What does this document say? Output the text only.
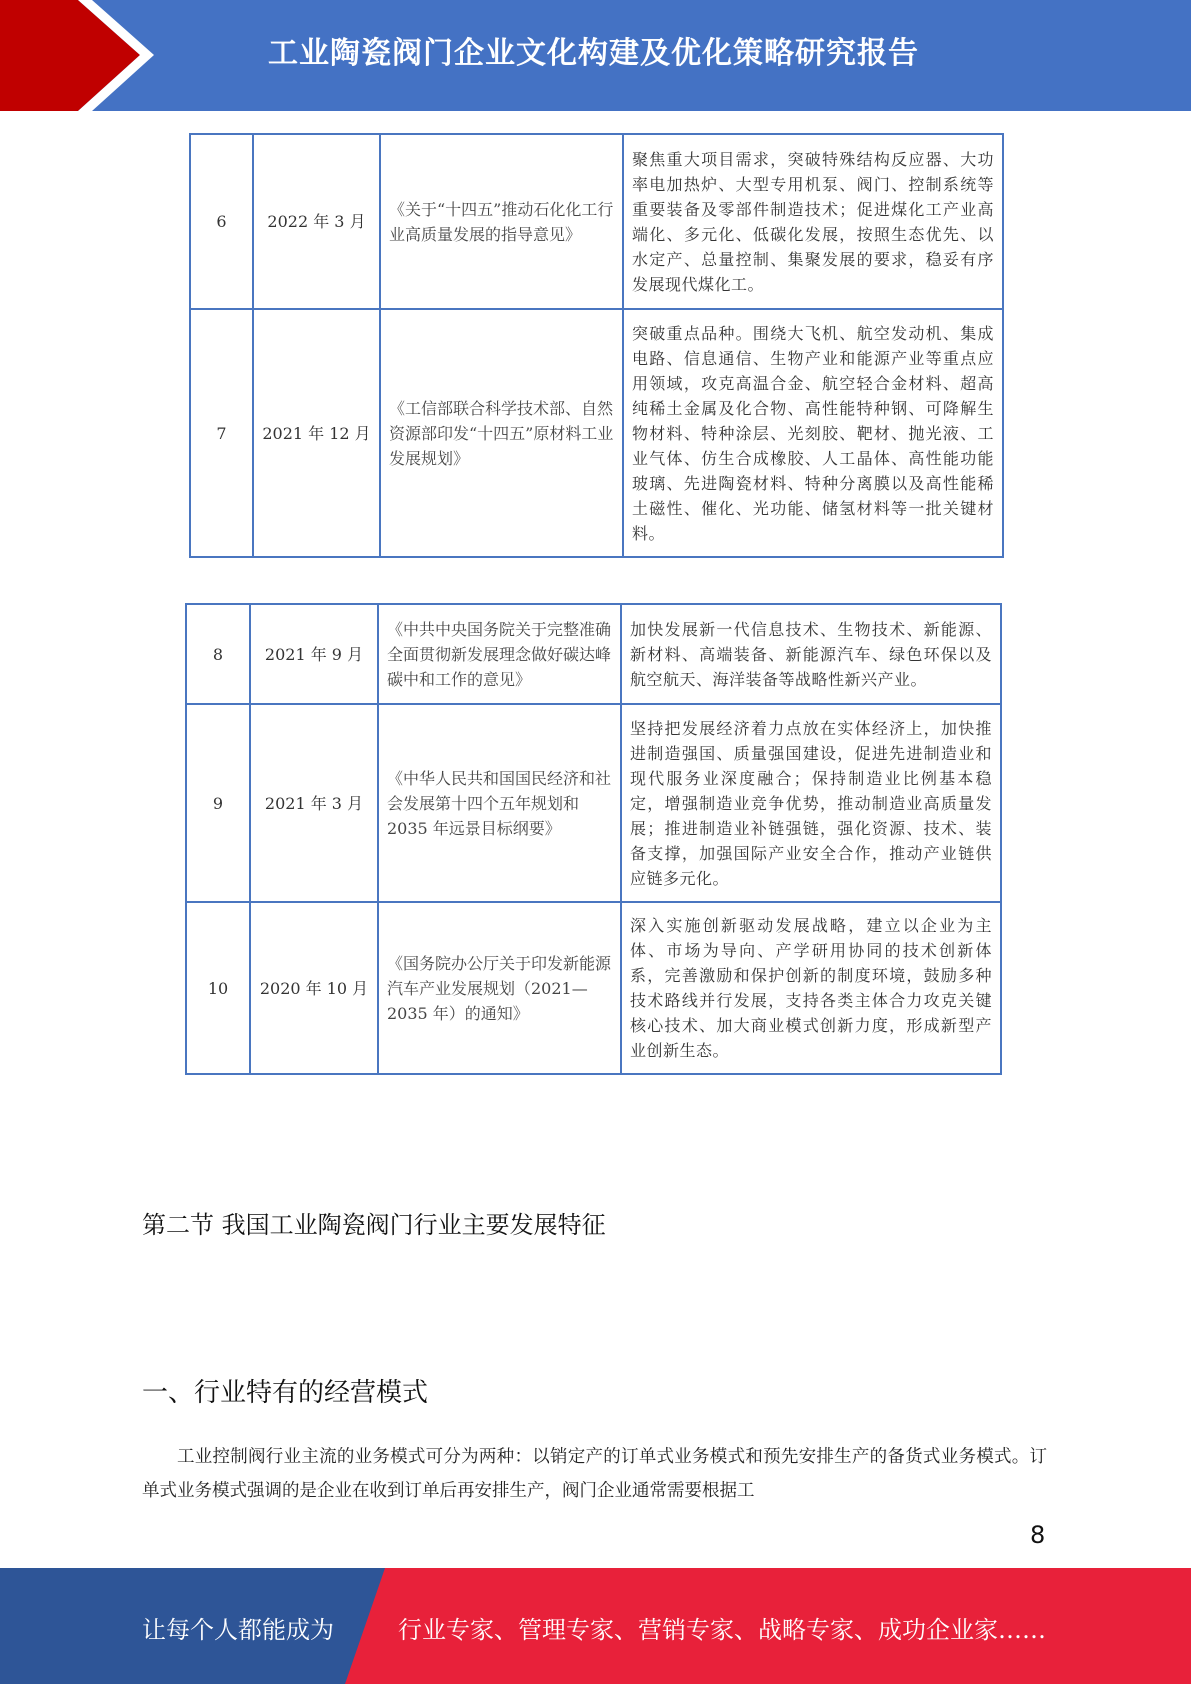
工业陶瓷阀门企业文化构建及优化策略研究报告
6	2022 年 3 月	《关于“十四五”推动石化化工行业高质量发展的指导意见》	聚焦重大项目需求，突破特殊结构反应器、大功率电加热炉、大型专用机泵、阀门、控制系统等重要装备及零部件制造技术；促进煤化工产业高端化、多元化、低碳化发展，按照生态优先、以水定产、总量控制、集聚发展的要求，稳妥有序发展现代煤化工。
7	2021 年 12 月	《工信部联合科学技术部、自然资源部印发“十四五”原材料工业发展规划》	突破重点品种。围绕大飞机、航空发动机、集成电路、信息通信、生物产业和能源产业等重点应用领域，攻克高温合金、航空轻合金材料、超高纯稀土金属及化合物、高性能特种钢、可降解生物材料、特种涂层、光刻胶、靶材、抛光液、工业气体、仿生合成橡胶、人工晶体、高性能功能玻璃、先进陶瓷材料、特种分离膜以及高性能稀土磁性、催化、光功能、储氢材料等一批关键材料。
8	2021 年 9 月	《中共中央国务院关于完整准确全面贯彻新发展理念做好碳达峰碳中和工作的意见》	加快发展新一代信息技术、生物技术、新能源、新材料、高端装备、新能源汽车、绿色环保以及航空航天、海洋装备等战略性新兴产业。
9	2021 年 3 月	《中华人民共和国国民经济和社会发展第十四个五年规划和 2035 年远景目标纲要》	坚持把发展经济着力点放在实体经济上，加快推进制造强国、质量强国建设，促进先进制造业和现代服务业深度融合；保持制造业比例基本稳定，增强制造业竞争优势，推动制造业高质量发展；推进制造业补链强链，强化资源、技术、装备支撑，加强国际产业安全合作，推动产业链供应链多元化。
10	2020 年 10 月	《国务院办公厅关于印发新能源汽车产业发展规划（2021—2035 年）的通知》	深入实施创新驱动发展战略，建立以企业为主体、市场为导向、产学研用协同的技术创新体系，完善激励和保护创新的制度环境，鼓励多种技术路线并行发展，支持各类主体合力攻克关键核心技术、加大商业模式创新力度，形成新型产业创新生态。
第二节 我国工业陶瓷阀门行业主要发展特征
一、行业特有的经营模式
工业控制阀行业主流的业务模式可分为两种：以销定产的订单式业务模式和预先安排生产的备货式业务模式。订单式业务模式强调的是企业在收到订单后再安排生产，阀门企业通常需要根据工
8
让每个人都能成为	行业专家、管理专家、营销专家、战略专家、成功企业家……
